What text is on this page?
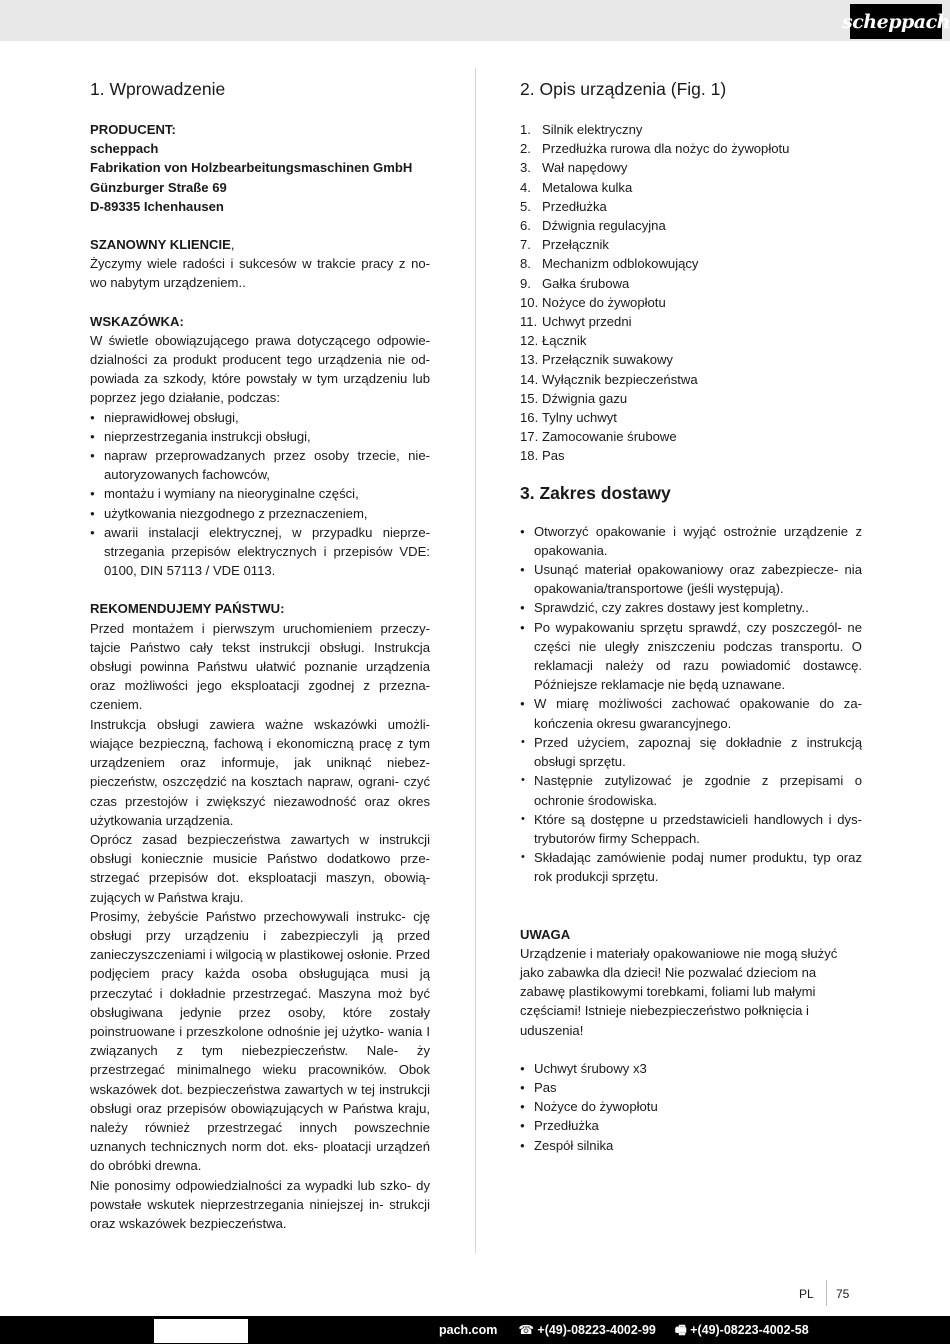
scheppach
1. Wprowadzenie
PRODUCENT:
scheppach
Fabrikation von Holzbearbeitungsmaschinen GmbH
Günzburger Straße 69
D-89335 Ichenhausen
SZANOWNY KLIENCIE,

Życzymy wiele radości i sukcesów w trakcie pracy z no- wo nabytym urządzeniem..

WSKAZÓWKA:

W świetle obowiązującego prawa dotyczącego odpowie- dzialności za produkt producent tego urządzenia nie od- powiada za szkody, które powstały w tym urządzeniu lub poprzez jego działanie, podczas:

● nieprawidłowej obsługi,
● nieprzestrzegania instrukcji obsługi,
● napraw przeprowadzanych przez osoby trzecie, nie- autoryzowanych fachowców,
● montażu i wymiany na nieoryginalne części,
● użytkowania niezgodnego z przeznaczeniem,
● awarii instalacji elektrycznej, w przypadku nieprze- strzegania przepisów elektrycznych i przepisów VDE: 0100, DIN 57113 / VDE 0113.
REKOMENDUJEMY PAŃSTWU:

Przed montażem i pierwszym uruchomieniem przeczy- tajcie Państwo cały tekst instrukcji obsługi. Instrukcja obsługi powinna Państwu ułatwić poznanie urządzenia oraz możliwości jego eksploatacji zgodnej z przezna- czeniem.

Instrukcja obsługi zawiera ważne wskazówki umożli- wiające bezpieczną, fachową i ekonomiczną pracę z tym urządzeniem oraz informuje, jak uniknąć niebez- pieczeństw, oszczędzić na kosztach napraw, ograni- czyć czas przestojów i zwiększyć niezawodność oraz okres użytkowania urządzenia.

Oprócz zasad bezpieczeństwa zawartych w instrukcji obsługi koniecznie musicie Państwo dodatkowo prze- strzegać przepisów dot. eksploatacji maszyn, obowią- zujących w Państwa kraju.

Prosimy, żebyście Państwo przechowywali instrukc- cję obsługi przy urządzeniu i zabezpieczyli ją przed zanieczyszczeniami i wilgocią w plastikowej osłonie. Przed podjęciem pracy każda osoba obsługująca musi ją przeczytać i dokładnie przestrzegać. Maszyna moż być obsługiwana jedynie przez osoby, które zostały poinstruowane i przeszkolone odnośnie jej użytko- wania I związanych z tym niebezpieczeństw. Nale- ży przestrzegać minimalnego wieku pracowników. Obok wskazówek dot. bezpieczeństwa zawartych w tej instrukcji obsługi oraz przepisów obowiązujących w Państwa kraju, należy również przestrzegać innych powszechnie uznanych technicznych norm dot. eks- ploatacji urządzeń do obróbki drewna.

Nie ponosimy odpowiedzialności za wypadki lub szko- dy powstałe wskutek nieprzestrzegania niniejszej in- strukcji oraz wskazówek bezpieczeństwa.

2. Opis urządzenia (Fig. 1)
1. Silnik elektryczny
2. Przedłużka rurowa dla nożyc do żywopłotu
3. Wał napędowy
4. Metalowa kulka
5. Przedłużka
6. Dźwignia regulacyjna
7. Przełącznik
8. Mechanizm odblokowujący
9. Gałka śrubowa
10. Nożyce do żywopłotu
11. Uchwyt przedni
12. Łącznik
13. Przełącznik suwakowy
14. Wyłącznik bezpieczeństwa
15. Dźwignia gazu
16. Tylny uchwyt
17. Zamocowanie śrubowe
18. Pas
3. Zakres dostawy
● Otworzyć opakowanie i wyjąć ostrożnie urządzenie z opakowania.
● Usunąć materiał opakowaniowy oraz zabezpiecze- nia opakowania/transportowe (jeśli występują).
● Sprawdzić, czy zakres dostawy jest kompletny..
● Po wypakowaniu sprzętu sprawdź, czy poszczegól- ne części nie uległy zniszczeniu podczas transportu. O reklamacji należy od razu powiadomić dostawcę. Późniejsze reklamacje nie będą uznawane.
● W miarę możliwości zachować opakowanie do za- kończenia okresu gwarancyjnego.
• Przed użyciem, zapoznaj się dokładnie z instrukcją obsługi sprzętu.
• Następnie zutylizować je zgodnie z przepisami o ochronie środowiska.
• Które są dostępne u przedstawicieli handlowych i dys- trybutorów firmy Scheppach.
• Składając zamówienie podaj numer produktu, typ oraz rok produkcji sprzętu.
UWAGA

Urządzenie i materiały opakowaniowe nie mogą służyć jako zabawka dla dzieci! Nie pozwalać dzieciom na zabawę plastikowymi torebkami, foliami lub małymi częściami! Istnieje niebezpieczeństwo połknięcia i uduszenia!

● Uchwyt śrubowy x3
● Pas
● Nożyce do żywopłotu
● Przedłużka
● Zespół silnika
PL 75
pach.com ☎ +(49)-08223-4002-99 🖷 +(49)-08223-4002-58
